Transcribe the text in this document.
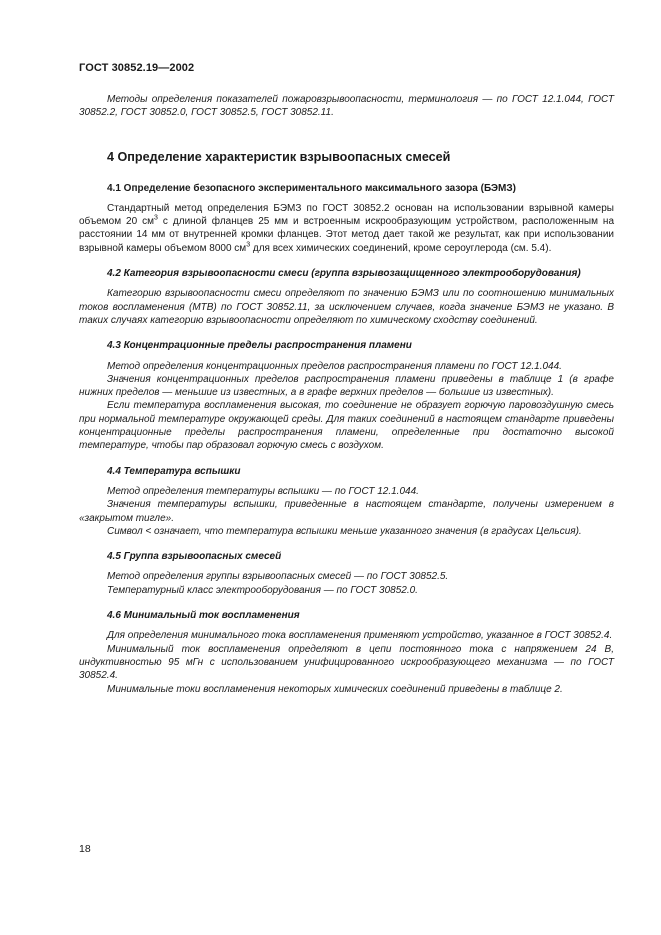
ГОСТ 30852.19—2002

Методы определения показателей пожаровзрывоопасности, терминология — по ГОСТ 12.1.044, ГОСТ 30852.2, ГОСТ 30852.0, ГОСТ 30852.5, ГОСТ 30852.11.

4 Определение характеристик взрывоопасных смесей
4.1 Определение безопасного экспериментального максимального зазора (БЭМЗ)

Стандартный метод определения БЭМЗ по ГОСТ 30852.2 основан на использовании взрывной камеры объемом 20 $см^3$ с длиной фланцев 25 мм и встроенным искрообразующим устройством, расположенным на расстоянии 14 мм от внутренней кромки фланцев. Этот метод дает такой же результат, как при использовании взрывной камеры объемом 8000 $см^3$ для всех химических соединений, кроме сероуглерода (см. 5.4).

4.2 Категория взрывоопасности смеси (группа взрывозащищенного электрооборудования)

Категорию взрывоопасности смеси определяют по значению БЭМЗ или по соотношению минимальных токов воспламенения (МТВ) по ГОСТ 30852.11, за исключением случаев, когда значение БЭМЗ не указано. В таких случаях категорию взрывоопасности определяют по химическому сходству соединений.

4.3 Концентрационные пределы распространения пламени

Метод определения концентрационных пределов распространения пламени по ГОСТ 12.1.044.

Значения концентрационных пределов распространения пламени приведены в таблице 1 (в графе нижних пределов — меньшие из известных, а в графе верхних пределов — большие из известных).

Если температура воспламенения высокая, то соединение не образует горючую паровоздушную смесь при нормальной температуре окружающей среды. Для таких соединений в настоящем стандарте приведены концентрационные пределы распространения пламени, определенные при достаточно высокой температуре, чтобы пар образовал горючую смесь с воздухом.

4.4 Температура вспышки

Метод определения температуры вспышки — по ГОСТ 12.1.044.

Значения температуры вспышки, приведенные в настоящем стандарте, получены измерением в «закрытом тигле».

Символ < означает, что температура вспышки меньше указанного значения (в градусах Цельсия).

4.5 Группа взрывоопасных смесей

Метод определения группы взрывоопасных смесей — по ГОСТ 30852.5.

Температурный класс электрооборудования — по ГОСТ 30852.0.

4.6 Минимальный ток воспламенения

Для определения минимального тока воспламенения применяют устройство, указанное в ГОСТ 30852.4.

Минимальный ток воспламенения определяют в цепи постоянного тока с напряжением 24 В, индуктивностью 95 мГн с использованием унифицированного искрообразующего механизма — по ГОСТ 30852.4.

Минимальные токи воспламенения некоторых химических соединений приведены в таблице 2.

18
